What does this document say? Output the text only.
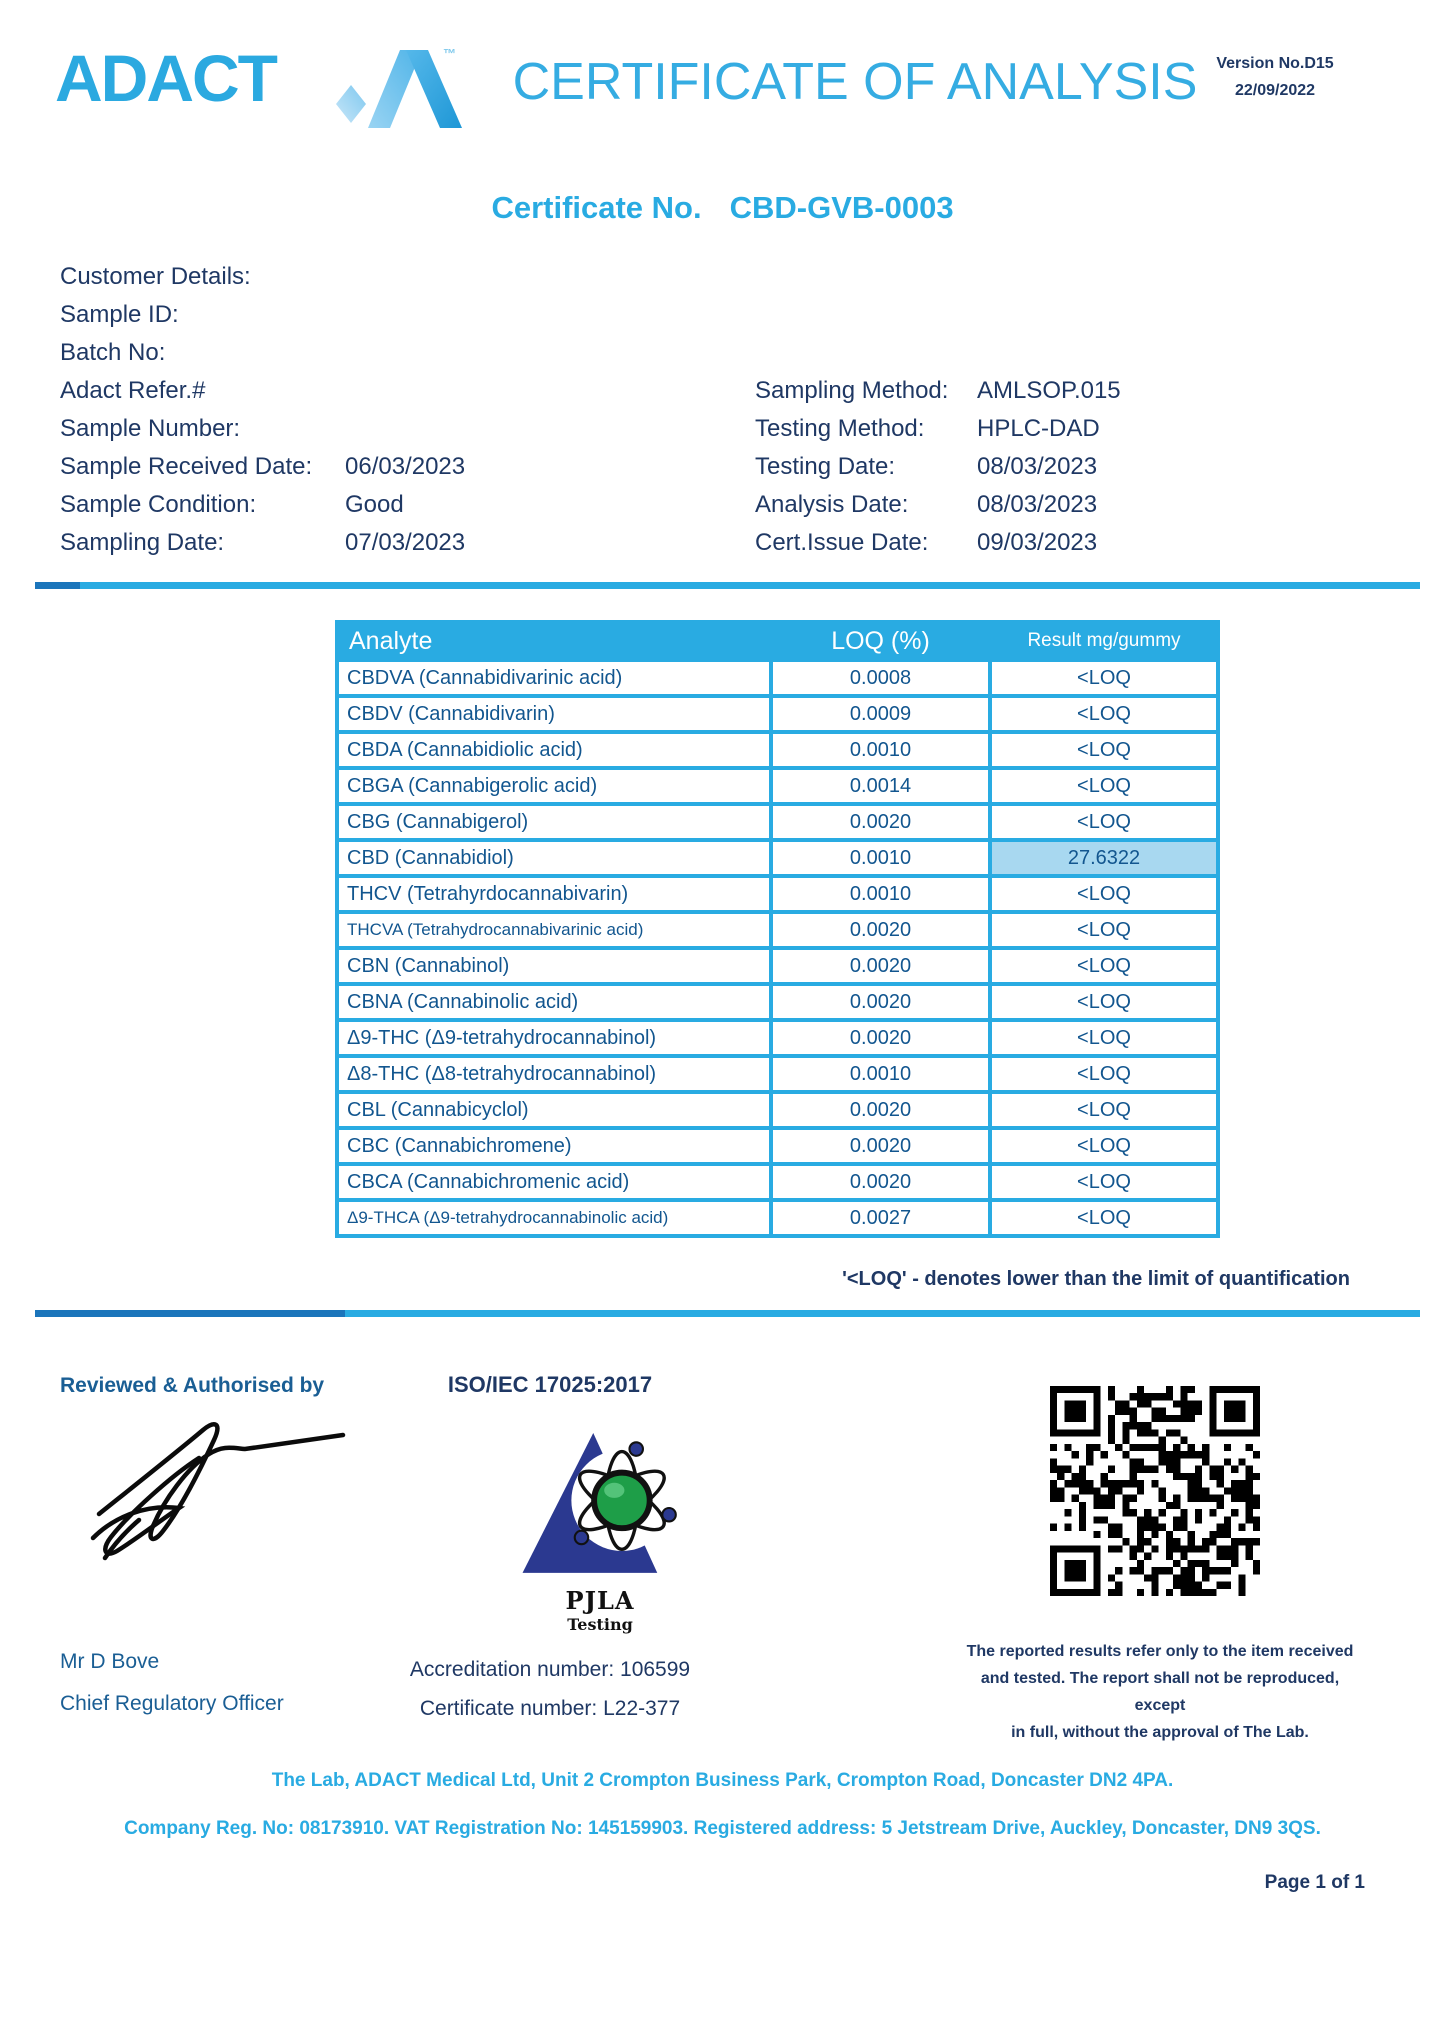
ADACT	™	CERTIFICATE OF ANALYSIS	Version No.D15
22/09/2022
Certificate No. CBD-GVB-0003
Customer Details:
Sample ID:
Batch No:
Adact Refer.#
Sample Number:
Sample Received Date:	06/03/2023
Sample Condition:	Good
Sampling Date:	07/03/2023
Sampling Method:	AMLSOP.015
Testing Method:	HPLC-DAD
Testing Date:	08/03/2023
Analysis Date:	08/03/2023
Cert.Issue Date:	09/03/2023
Analyte	LOQ (%)	Result mg/gummy
CBDVA (Cannabidivarinic acid)	0.0008	<LOQ
CBDV (Cannabidivarin)	0.0009	<LOQ
CBDA (Cannabidiolic acid)	0.0010	<LOQ
CBGA (Cannabigerolic acid)	0.0014	<LOQ
CBG (Cannabigerol)	0.0020	<LOQ
CBD (Cannabidiol)	0.0010	27.6322
THCV (Tetrahyrdocannabivarin)	0.0010	<LOQ
THCVA (Tetrahydrocannabivarinic acid)	0.0020	<LOQ
CBN (Cannabinol)	0.0020	<LOQ
CBNA (Cannabinolic acid)	0.0020	<LOQ
Δ9-THC (Δ9-tetrahydrocannabinol)	0.0020	<LOQ
Δ8-THC (Δ8-tetrahydrocannabinol)	0.0010	<LOQ
CBL (Cannabicyclol)	0.0020	<LOQ
CBC (Cannabichromene)	0.0020	<LOQ
CBCA (Cannabichromenic acid)	0.0020	<LOQ
Δ9-THCA (Δ9-tetrahydrocannabinolic acid)	0.0027	<LOQ
'<LOQ' - denotes lower than the limit of quantification
Reviewed & Authorised by	ISO/IEC 17025:2017
PJLA
Testing
Mr D Bove
Chief Regulatory Officer
Accreditation number: 106599
Certificate number: L22-377
The reported results refer only to the item received
and tested. The report shall not be reproduced, except
in full, without the approval of The Lab.
The Lab, ADACT Medical Ltd, Unit 2 Crompton Business Park, Crompton Road, Doncaster DN2 4PA.
Company Reg. No: 08173910. VAT Registration No: 145159903. Registered address: 5 Jetstream Drive, Auckley, Doncaster, DN9 3QS.
Page 1 of 1
